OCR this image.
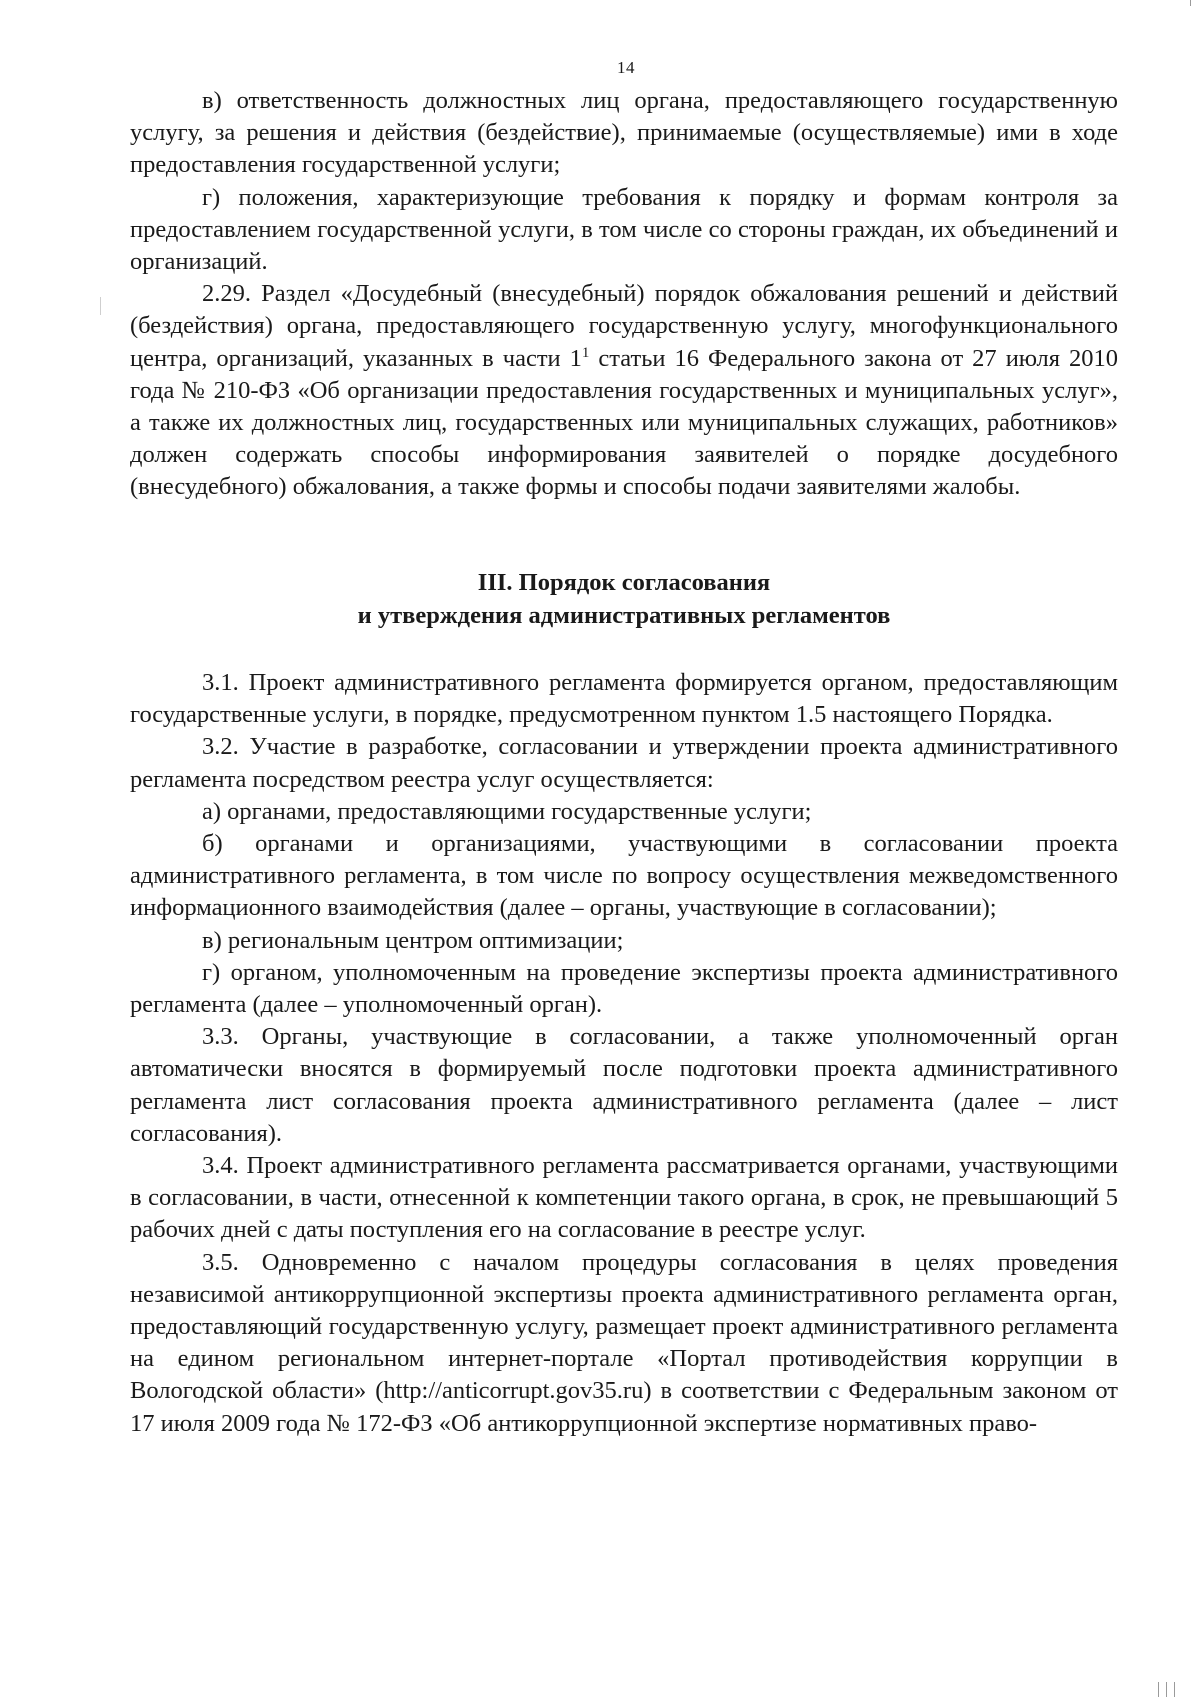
14

в) ответственность должностных лиц органа, предоставляющего государственную услугу, за решения и действия (бездействие), принимаемые (осуществляемые) ими в ходе предоставления государственной услуги;

г) положения, характеризующие требования к порядку и формам контроля за предоставлением государственной услуги, в том числе со стороны граждан, их объединений и организаций.

2.29. Раздел «Досудебный (внесудебный) порядок обжалования решений и действий (бездействия) органа, предоставляющего государственную услугу, многофункционального центра, организаций, указанных в части $1^1$ статьи 16 Федерального закона от 27 июля 2010 года № 210-ФЗ «Об организации предоставления государственных и муниципальных услуг», а также их должностных лиц, государственных или муниципальных служащих, работников» должен содержать способы информирования заявителей о порядке досудебного (внесудебного) обжалования, а также формы и способы подачи заявителями жалобы.

III. Порядок согласования
и утверждения административных регламентов

3.1. Проект административного регламента формируется органом, предоставляющим государственные услуги, в порядке, предусмотренном пунктом 1.5 настоящего Порядка.

3.2. Участие в разработке, согласовании и утверждении проекта административного регламента посредством реестра услуг осуществляется:

а) органами, предоставляющими государственные услуги;

б) органами и организациями, участвующими в согласовании проекта административного регламента, в том числе по вопросу осуществления межведомственного информационного взаимодействия (далее – органы, участвующие в согласовании);

в) региональным центром оптимизации;

г) органом, уполномоченным на проведение экспертизы проекта административного регламента (далее – уполномоченный орган).

3.3. Органы, участвующие в согласовании, а также уполномоченный орган автоматически вносятся в формируемый после подготовки проекта административного регламента лист согласования проекта административного регламента (далее – лист согласования).

3.4. Проект административного регламента рассматривается органами, участвующими в согласовании, в части, отнесенной к компетенции такого органа, в срок, не превышающий 5 рабочих дней с даты поступления его на согласование в реестре услуг.

3.5. Одновременно с началом процедуры согласования в целях проведения независимой антикоррупционной экспертизы проекта административного регламента орган, предоставляющий государственную услугу, размещает проект административного регламента на едином региональном интернет-портале «Портал противодействия коррупции в Вологодской области» (http://anticorrupt.gov35.ru) в соответствии с Федеральным законом от 17 июля 2009 года № 172-ФЗ «Об антикоррупционной экспертизе нормативных право-
